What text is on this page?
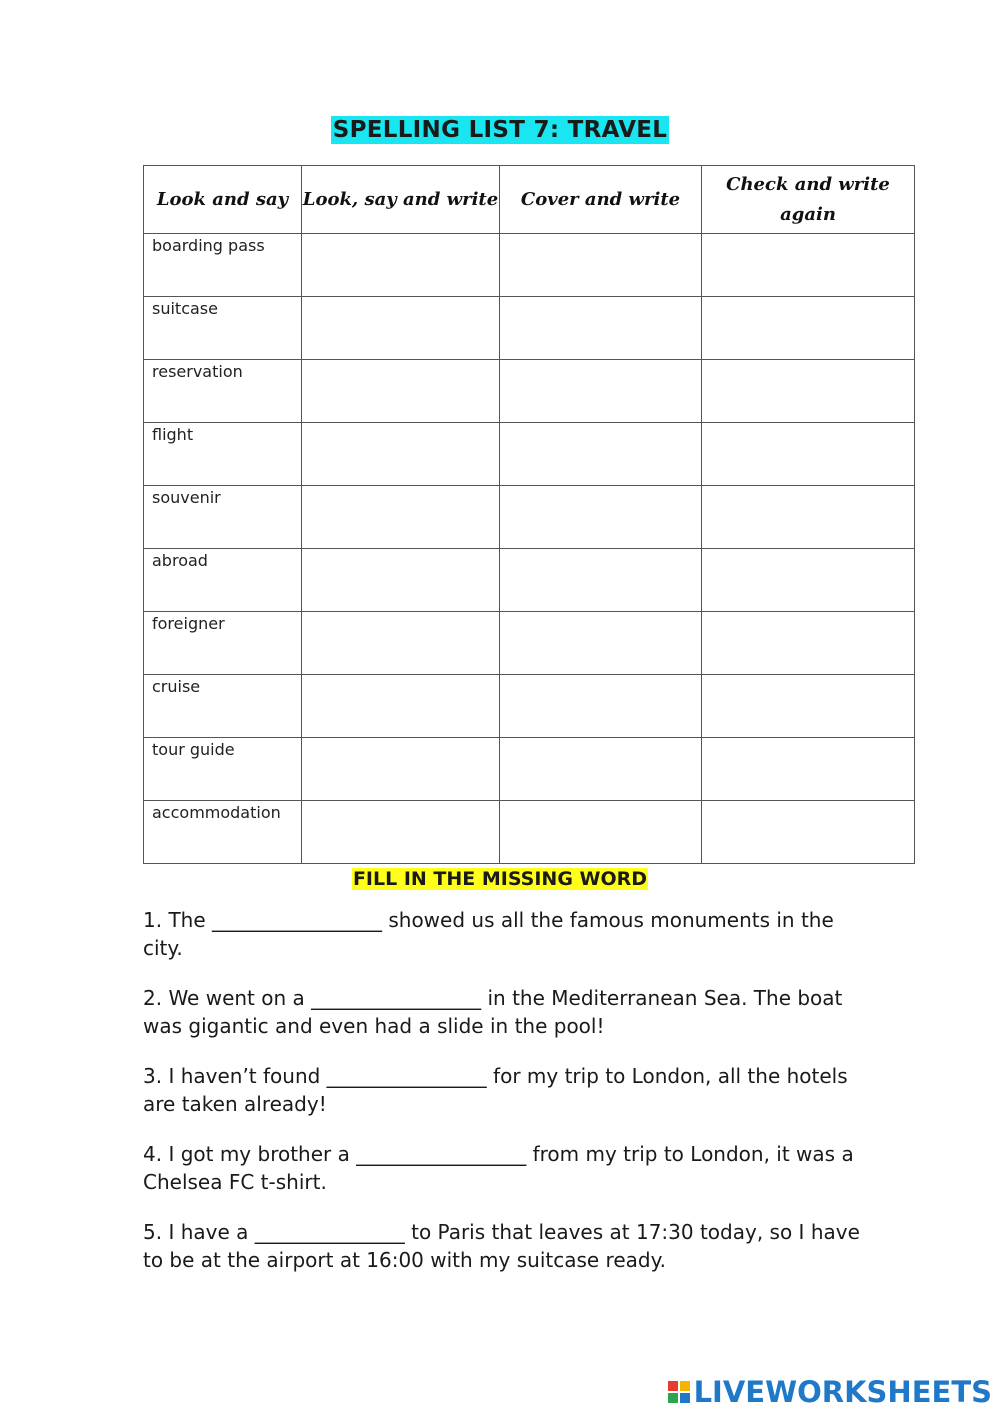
SPELLING LIST 7: TRAVEL
Look and say	Look, say and write	Cover and write	Check and write again
boarding pass			
suitcase			
reservation			
flight			
souvenir			
abroad			
foreigner			
cruise			
tour guide			
accommodation			
FILL IN THE MISSING WORD

1. The _________________ showed us all the famous monuments in the city.

2. We went on a _________________ in the Mediterranean Sea. The boat was gigantic and even had a slide in the pool!

3. I haven’t found ________________ for my trip to London, all the hotels are taken already!

4. I got my brother a _________________ from my trip to London, it was a Chelsea FC t-shirt.

5. I have a _______________ to Paris that leaves at 17:30 today, so I have to be at the airport at 16:00 with my suitcase ready.

LIVEWORKSHEETS
